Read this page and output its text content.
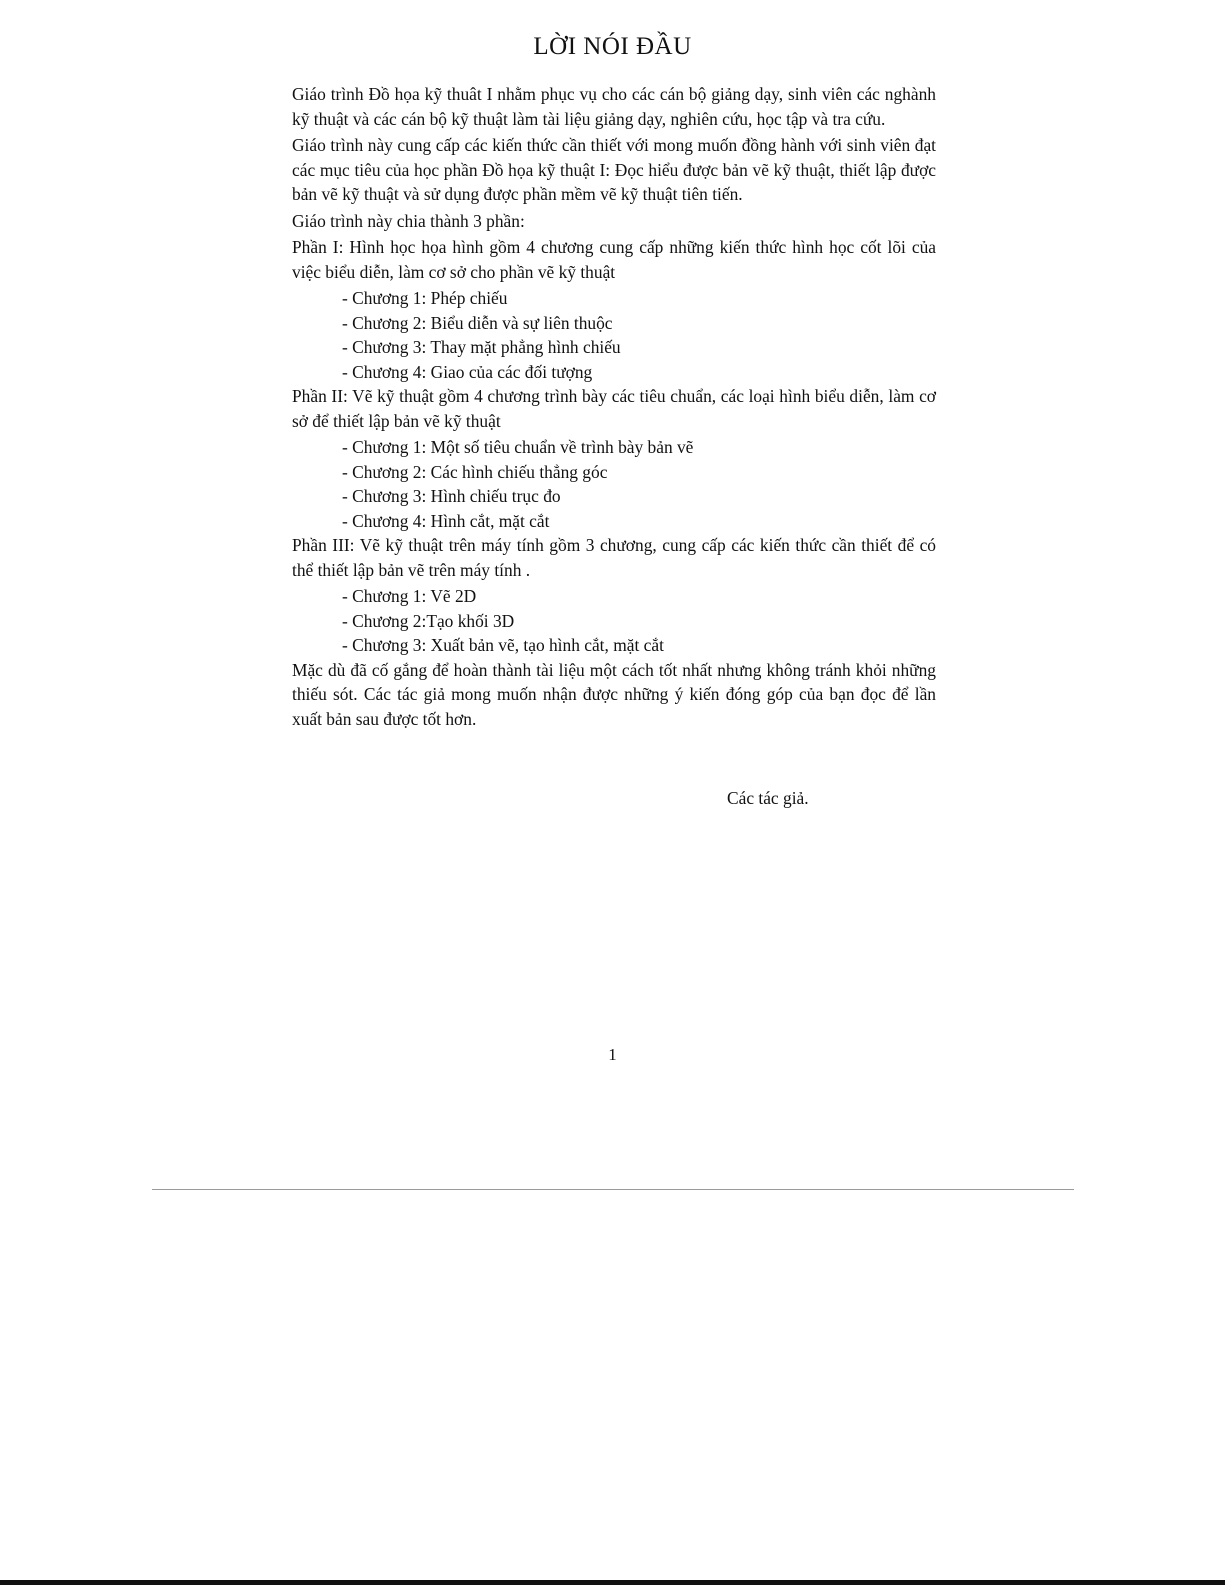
LỜI NÓI ĐẦU

Giáo trình Đồ họa kỹ thuât I nhằm phục vụ cho các cán bộ giảng dạy, sinh viên các nghành kỹ thuật và các cán bộ kỹ thuật làm tài liệu giảng dạy, nghiên cứu, học tập và tra cứu.

Giáo trình này cung cấp các kiến thức cần thiết với mong muốn đồng hành với sinh viên đạt các mục tiêu của học phần Đồ họa kỹ thuật I: Đọc hiểu được bản vẽ kỹ thuật, thiết lập được bản vẽ kỹ thuật và sử dụng được phần mềm vẽ kỹ thuật tiên tiến.

Giáo trình này chia thành 3 phần:

Phần I: Hình học họa hình gồm 4 chương cung cấp những kiến thức hình học cốt lõi của việc biểu diễn, làm cơ sở cho phần vẽ kỹ thuật

- Chương 1: Phép chiếu
- Chương 2: Biểu diễn và sự liên thuộc
- Chương 3: Thay mặt phẳng hình chiếu
- Chương 4: Giao của các đối tượng

Phần II: Vẽ kỹ thuật gồm 4 chương trình bày các tiêu chuẩn, các loại hình biểu diễn, làm cơ sở để thiết lập bản vẽ kỹ thuật

- Chương 1: Một số tiêu chuẩn về trình bày bản vẽ
- Chương 2: Các hình chiếu thẳng góc
- Chương 3: Hình chiếu trục đo
- Chương 4: Hình cắt, mặt cắt

Phần III: Vẽ kỹ thuật trên máy tính gồm 3 chương, cung cấp các kiến thức cần thiết để có thể thiết lập bản vẽ trên máy tính .

- Chương 1: Vẽ 2D
- Chương 2:Tạo khối 3D
- Chương 3: Xuất bản vẽ, tạo hình cắt, mặt cắt

Mặc dù đã cố gắng để hoàn thành tài liệu một cách tốt nhất nhưng không tránh khỏi những thiếu sót. Các tác giả mong muốn nhận được những ý kiến đóng góp của bạn đọc để lần xuất bản sau được tốt hơn.

Các tác giả.
1
